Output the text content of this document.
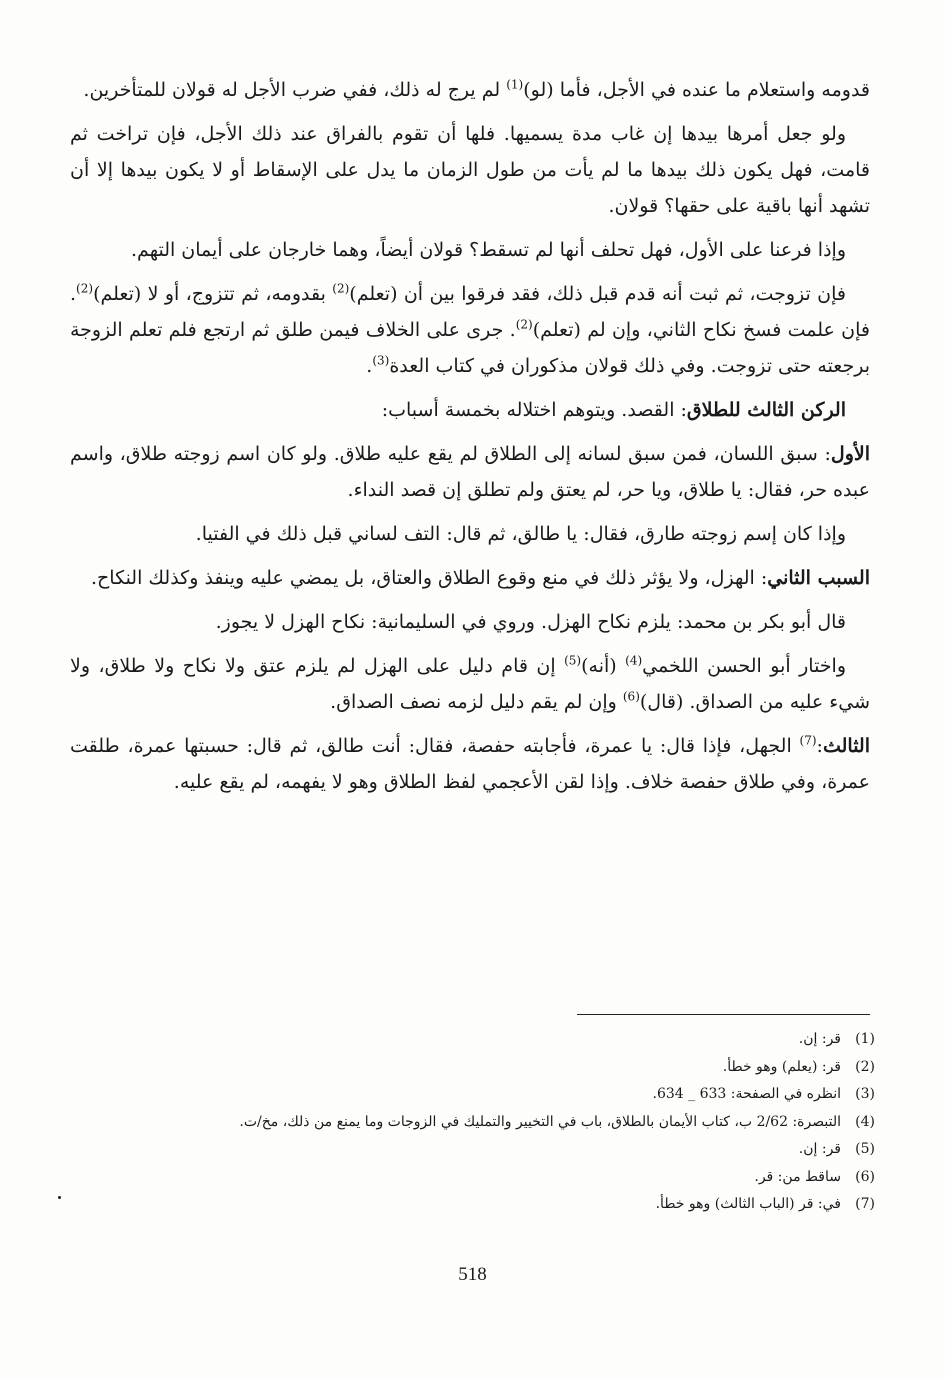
قدومه واستعلام ما عنده في الأجل، فأما (لو)$^{(1)}$ لم يرج له ذلك، ففي ضرب الأجل له قولان للمتأخرين.

ولو جعل أمرها بيدها إن غاب مدة يسميها. فلها أن تقوم بالفراق عند ذلك الأجل، فإن تراخت ثم قامت، فهل يكون ذلك بيدها ما لم يأت من طول الزمان ما يدل على الإسقاط أو لا يكون بيدها إلا أن تشهد أنها باقية على حقها؟ قولان.

وإذا فرعنا على الأول، فهل تحلف أنها لم تسقط؟ قولان أيضاً، وهما خارجان على أيمان التهم.

فإن تزوجت، ثم ثبت أنه قدم قبل ذلك، فقد فرقوا بين أن (تعلم)$^{(2)}$ بقدومه، ثم تتزوج، أو لا (تعلم)$^{(2)}$. فإن علمت فسخ نكاح الثاني، وإن لم (تعلم)$^{(2)}$. جرى على الخلاف فيمن طلق ثم ارتجع فلم تعلم الزوجة برجعته حتى تزوجت. وفي ذلك قولان مذكوران في كتاب العدة$^{(3)}$.

الركن الثالث للطلاق: القصد. ويتوهم اختلاله بخمسة أسباب:

الأول: سبق اللسان، فمن سبق لسانه إلى الطلاق لم يقع عليه طلاق. ولو كان اسم زوجته طلاق، واسم عبده حر، فقال: يا طلاق، ويا حر، لم يعتق ولم تطلق إن قصد النداء.

وإذا كان إسم زوجته طارق، فقال: يا طالق، ثم قال: التف لساني قبل ذلك في الفتيا.

السبب الثاني: الهزل، ولا يؤثر ذلك في منع وقوع الطلاق والعتاق، بل يمضي عليه وينفذ وكذلك النكاح.

قال أبو بكر بن محمد: يلزم نكاح الهزل. وروي في السليمانية: نكاح الهزل لا يجوز.

واختار أبو الحسن اللخمي$^{(4)}$ (أنه)$^{(5)}$ إن قام دليل على الهزل لم يلزم عتق ولا نكاح ولا طلاق، ولا شيء عليه من الصداق. (قال)$^{(6)}$ وإن لم يقم دليل لزمه نصف الصداق.

الثالث:$^{(7)}$ الجهل، فإذا قال: يا عمرة، فأجابته حفصة، فقال: أنت طالق، ثم قال: حسبتها عمرة، طلقت عمرة، وفي طلاق حفصة خلاف. وإذا لقن الأعجمي لفظ الطلاق وهو لا يفهمه، لم يقع عليه.

(1)
قر: إن.
(2)
قر: (يعلم) وهو خطأ.
(3)
انظره في الصفحة: 633 _ 634.
(4)
التبصرة: 2/62 ب، كتاب الأيمان بالطلاق، باب في التخيير والتمليك في الزوجات وما يمنع من ذلك، مخ/ت.
(5)
قر: إن.
(6)
ساقط من: قر.
(7)
في: قر (الباب الثالث) وهو خطأ.
518
